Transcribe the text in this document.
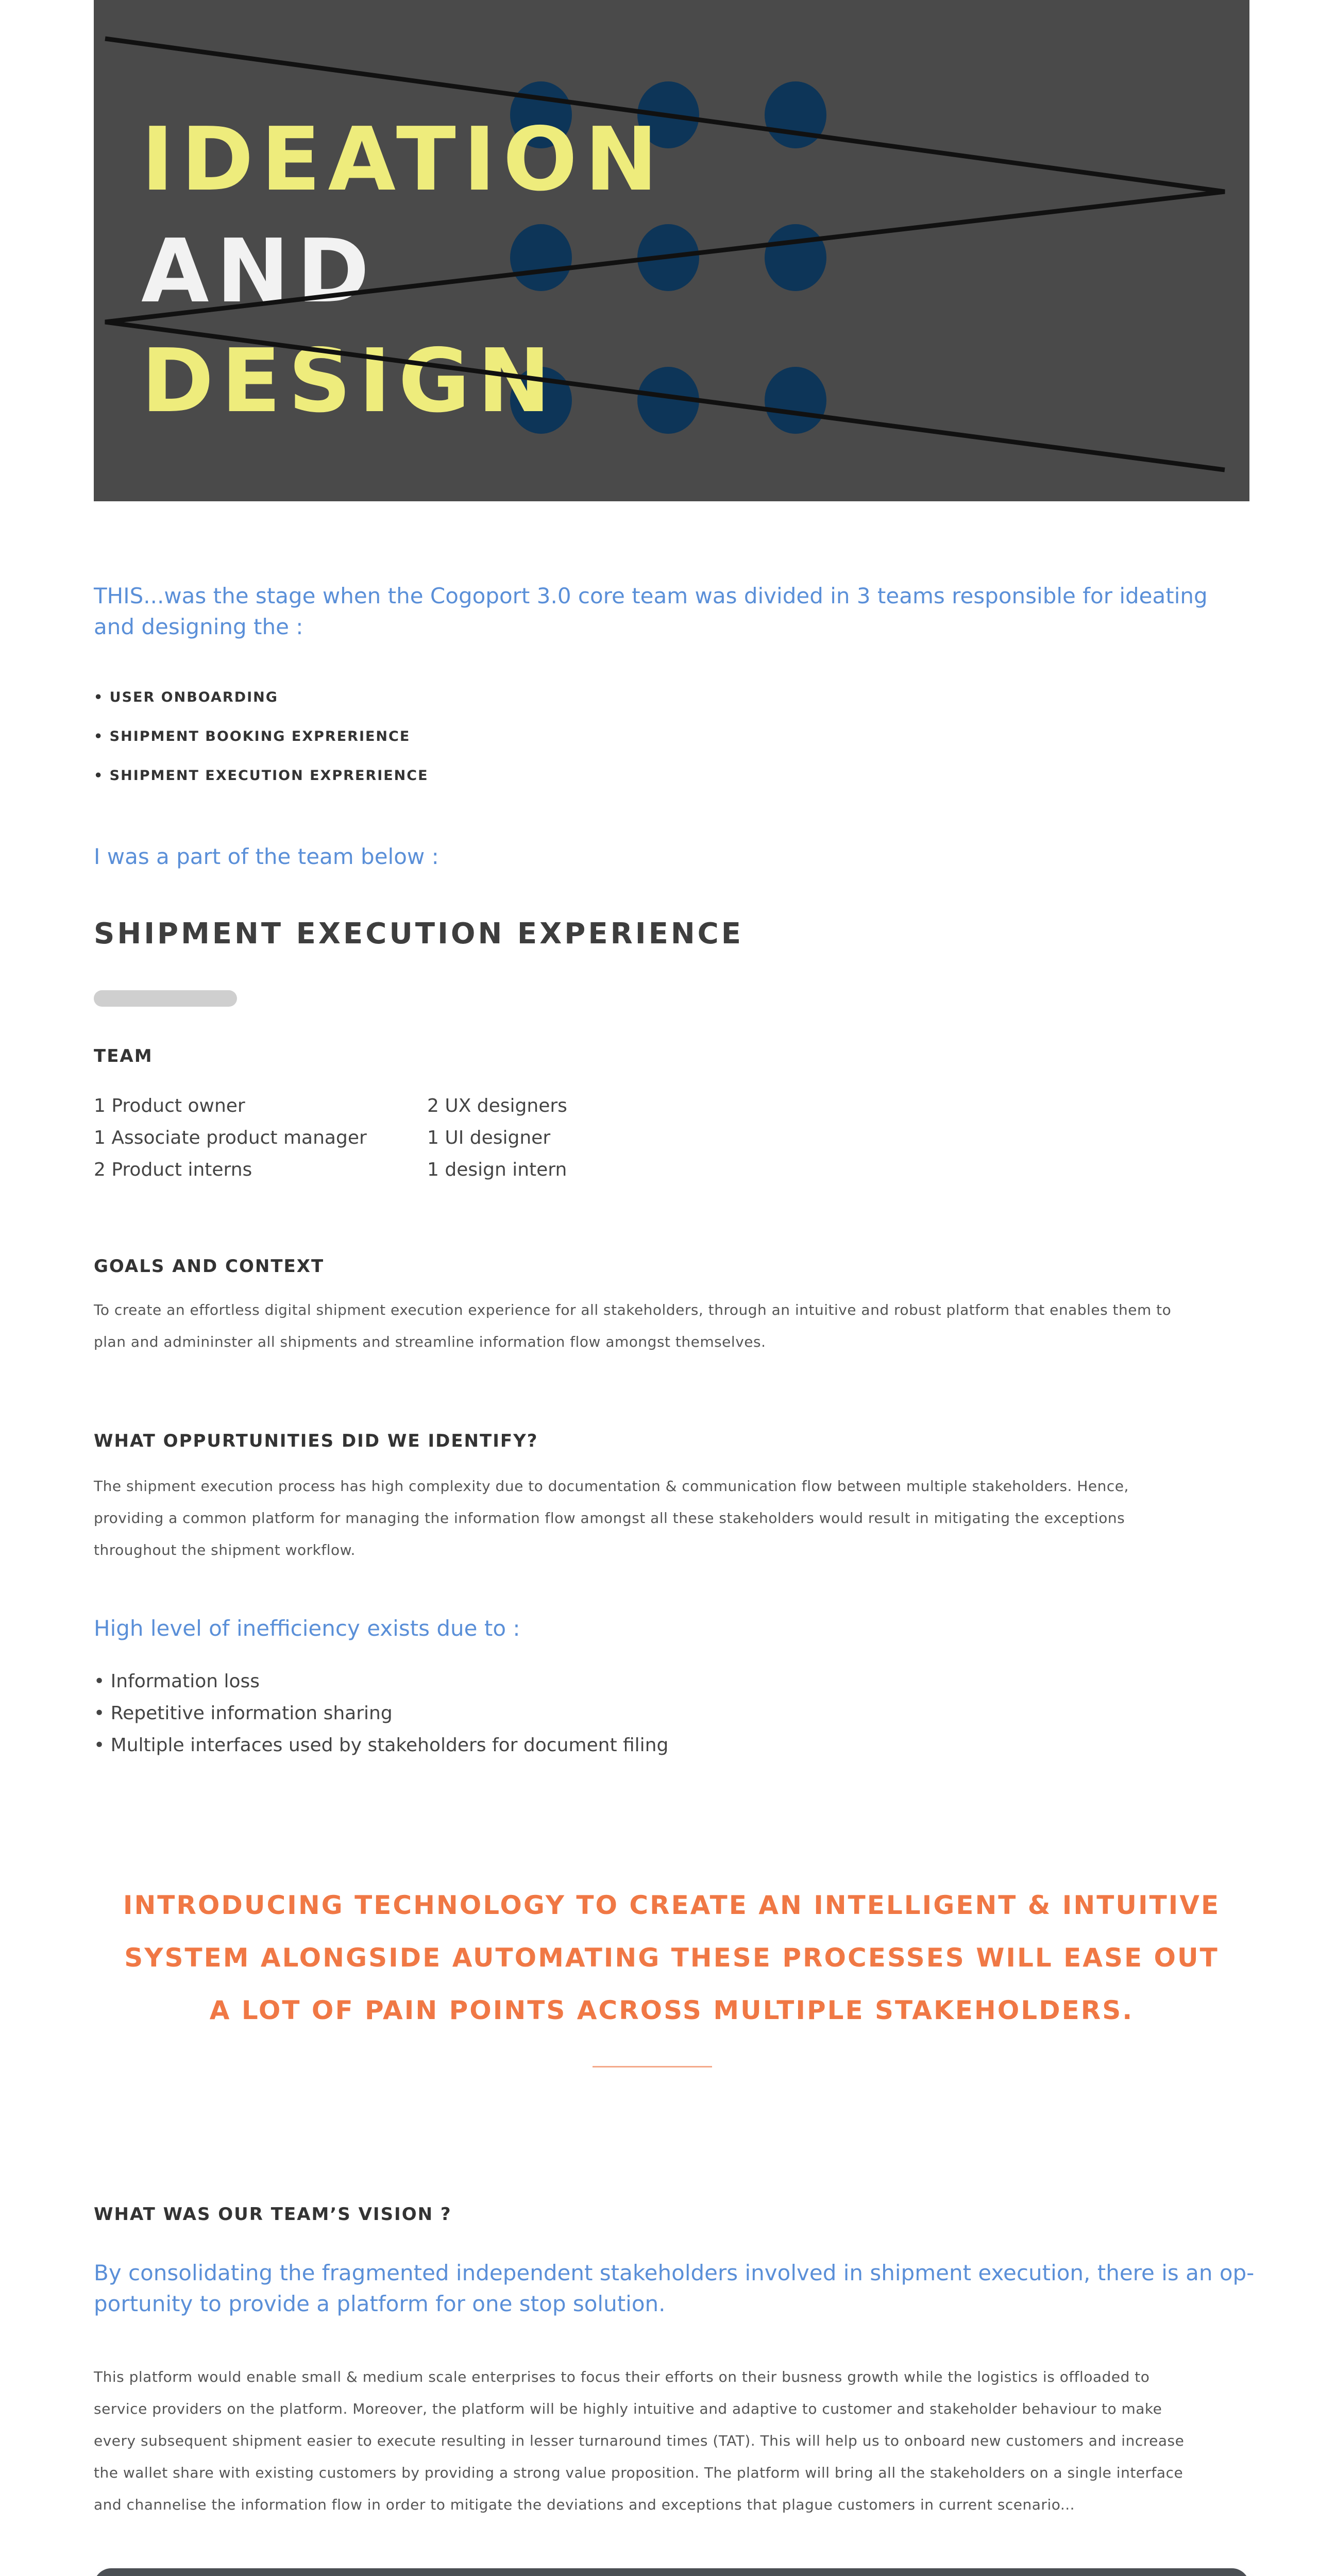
IDEATION
AND
DESIGN
THIS...was the stage when the Cogoport 3.0 core team was divided in 3 teams responsible for ideating and designing the :
• USER ONBOARDING
• SHIPMENT BOOKING EXPRERIENCE
• SHIPMENT EXECUTION EXPRERIENCE
I was a part of the team below :
SHIPMENT EXECUTION EXPERIENCE
TEAM
1 Product owner
1 Associate product manager
2 Product interns
2 UX designers
1 UI designer
1 design intern
GOALS AND CONTEXT
To create an effortless digital shipment execution experience for all stakeholders, through an intuitive and robust platform that enables them to
plan and admininster all shipments and streamline information flow amongst themselves.
WHAT OPPURTUNITIES DID WE IDENTIFY?
The shipment execution process has high complexity due to documentation & communication flow between multiple stakeholders. Hence,
providing a common platform for managing the information flow amongst all these stakeholders would result in mitigating the exceptions
throughout the shipment workflow.
High level of inefficiency exists due to :
• Information loss
• Repetitive information sharing
• Multiple interfaces used by stakeholders for document filing
INTRODUCING TECHNOLOGY TO CREATE AN INTELLIGENT & INTUITIVE
SYSTEM ALONGSIDE AUTOMATING THESE PROCESSES WILL EASE OUT
A LOT OF PAIN POINTS ACROSS MULTIPLE STAKEHOLDERS.
WHAT WAS OUR TEAM’S VISION ?
By consolidating the fragmented independent stakeholders involved in shipment execution, there is an op-
portunity to provide a platform for one stop solution.
This platform would enable small & medium scale enterprises to focus their efforts on their busness growth while the logistics is offloaded to
service providers on the platform. Moreover, the platform will be highly intuitive and adaptive to customer and stakeholder behaviour to make
every subsequent shipment easier to execute resulting in lesser turnaround times (TAT). This will help us to onboard new customers and increase
the wallet share with existing customers by providing a strong value proposition. The platform will bring all the stakeholders on a single interface
and channelise the information flow in order to mitigate the deviations and exceptions that plague customers in current scenario...
